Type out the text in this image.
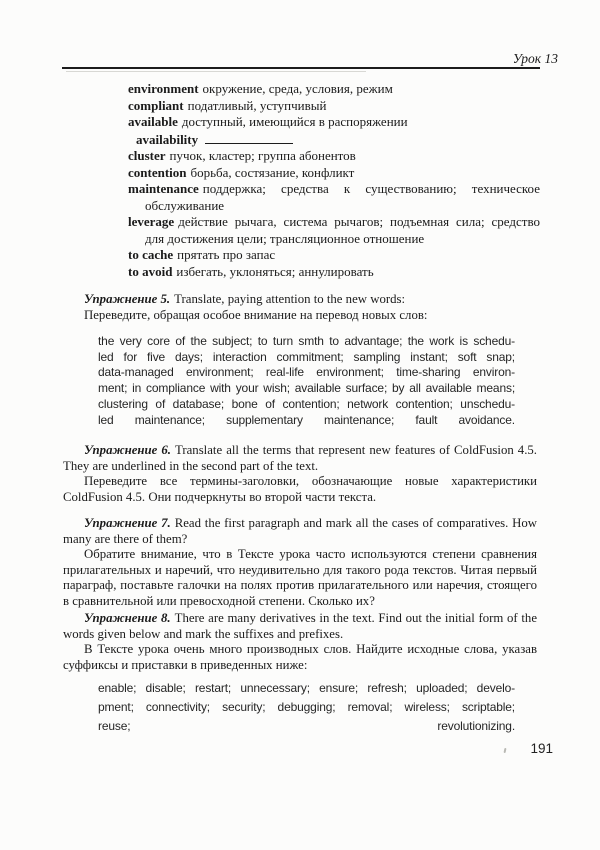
Урок 13
environment окружение, среда, условия, режим
compliant податливый, уступчивый
available доступный, имеющийся в распоряжении
availability
cluster пучок, кластер; группа абонентов
contention борьба, состязание, конфликт
maintenance поддержка; средства к существованию; техническое обслуживание
leverage действие рычага, система рычагов; подъемная сила; средство для достижения цели; трансляционное отношение
to cache прятать про запас
to avoid избегать, уклоняться; аннулировать

Упражнение 5. Translate, paying attention to the new words:

Переведите, обращая особое внимание на перевод новых слов:

the very core of the subject; to turn smth to advantage; the work is schedu-
led for five days; interaction commitment; sampling instant; soft snap;
data-managed environment; real-life environment; time-sharing environ-
ment; in compliance with your wish; available surface; by all available means;
clustering of database; bone of contention; network contention; unschedu-
led maintenance; supplementary maintenance; fault avoidance.

Упражнение 6. Translate all the terms that represent new features of ColdFusion 4.5. They are underlined in the second part of the text.

Переведите все термины-заголовки, обозначающие новые характеристики ColdFusion 4.5. Они подчеркнуты во второй части текста.

Упражнение 7. Read the first paragraph and mark all the cases of comparatives. How many are there of them?

Обратите внимание, что в Тексте урока часто используются степени сравнения прилагательных и наречий, что неудивительно для такого рода текстов. Читая первый параграф, поставьте галочки на полях против прилагательного или наречия, стоящего в сравнительной или превосходной степени. Сколько их?

Упражнение 8. There are many derivatives in the text. Find out the initial form of the words given below and mark the suffixes and prefixes.

В Тексте урока очень много производных слов. Найдите исходные слова, указав суффиксы и приставки в приведенных ниже:

enable; disable; restart; unnecessary; ensure; refresh; uploaded; develo-
pment; connectivity; security; debugging; removal; wireless; scriptable;
reuse; revolutionizing.
191
